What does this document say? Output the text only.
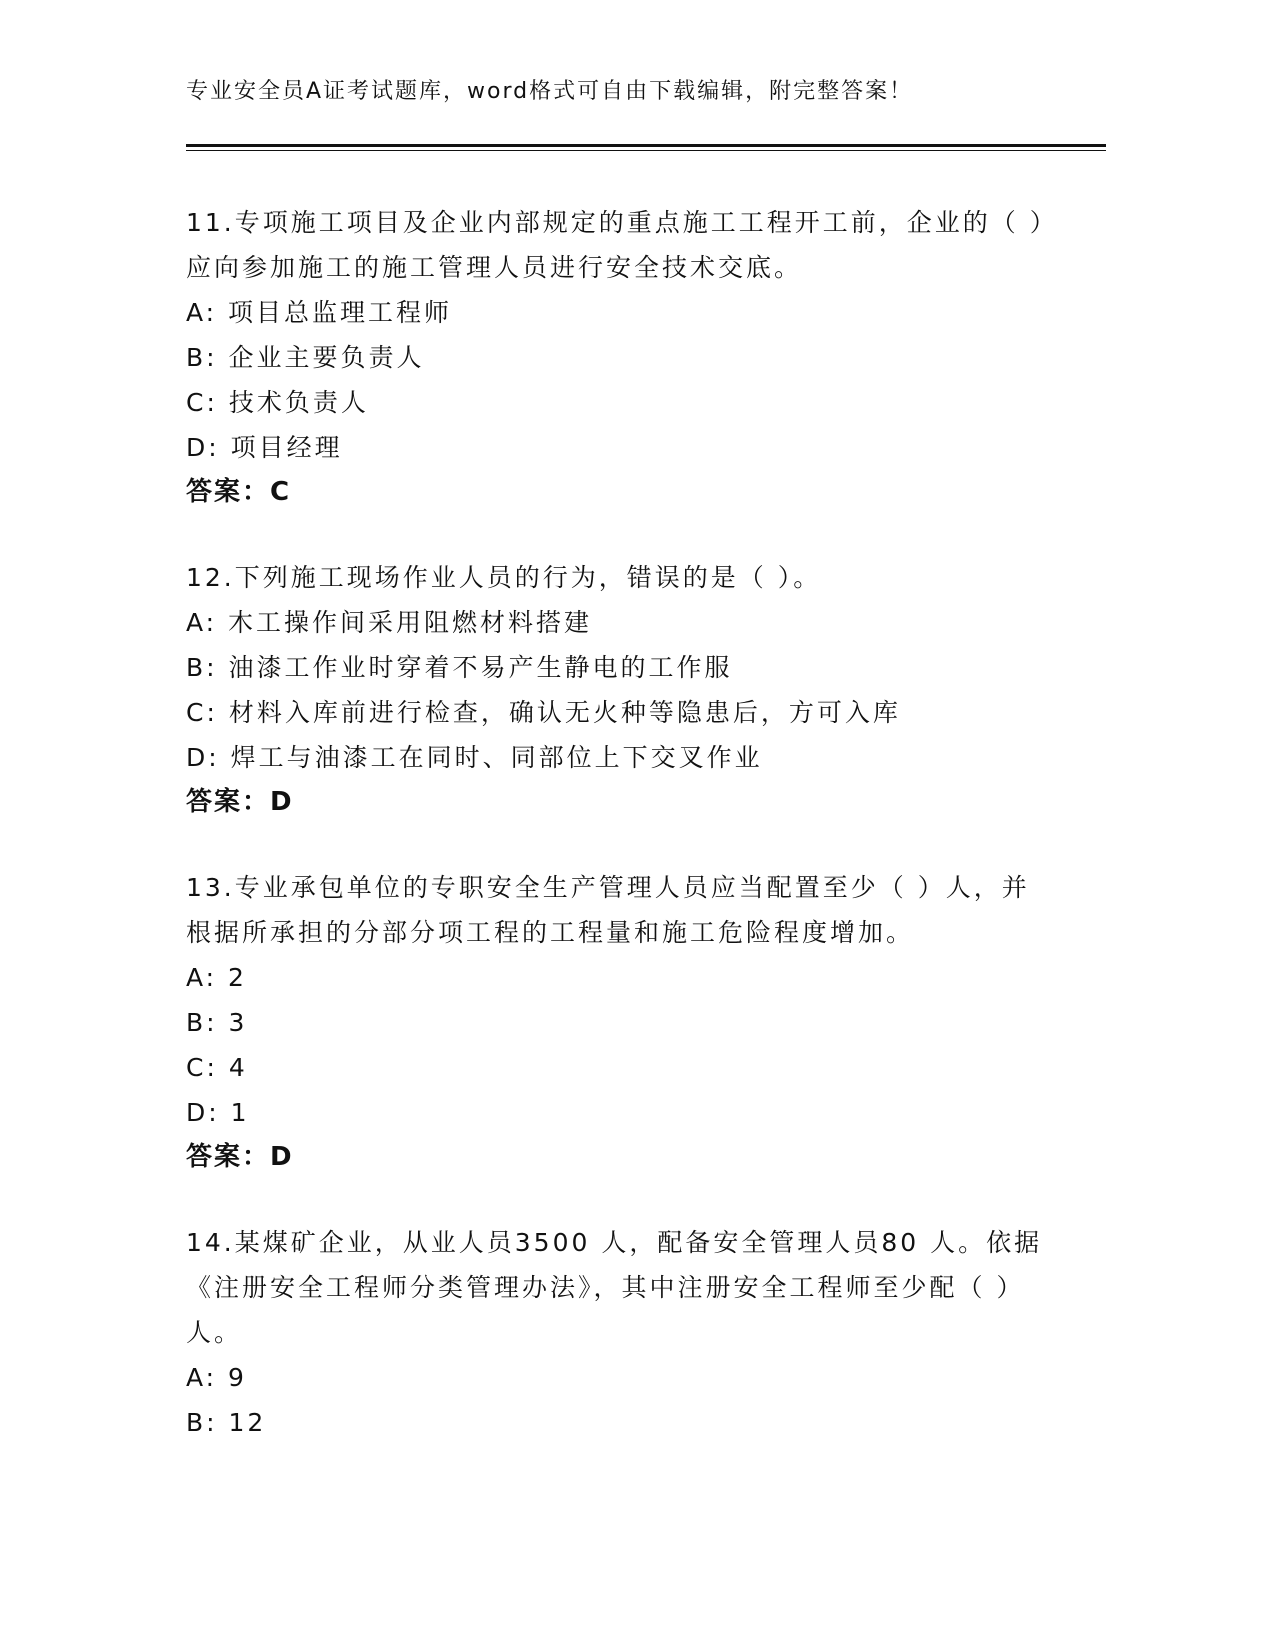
专业安全员A证考试题库，word格式可自由下载编辑，附完整答案！

11.专项施工项目及企业内部规定的重点施工工程开工前，企业的（ ）应向参加施工的施工管理人员进行安全技术交底。

A: 项目总监理工程师

B: 企业主要负责人

C: 技术负责人

D: 项目经理

答案：C

12.下列施工现场作业人员的行为，错误的是（ ）。

A: 木工操作间采用阻燃材料搭建

B: 油漆工作业时穿着不易产生静电的工作服

C: 材料入库前进行检查，确认无火种等隐患后，方可入库

D: 焊工与油漆工在同时、同部位上下交叉作业

答案：D

13.专业承包单位的专职安全生产管理人员应当配置至少（ ）人，并根据所承担的分部分项工程的工程量和施工危险程度增加。

A: 2

B: 3

C: 4

D: 1

答案：D

14.某煤矿企业，从业人员3500 人，配备安全管理人员80 人。依据《注册安全工程师分类管理办法》，其中注册安全工程师至少配（ ）人。

A: 9

B: 12
